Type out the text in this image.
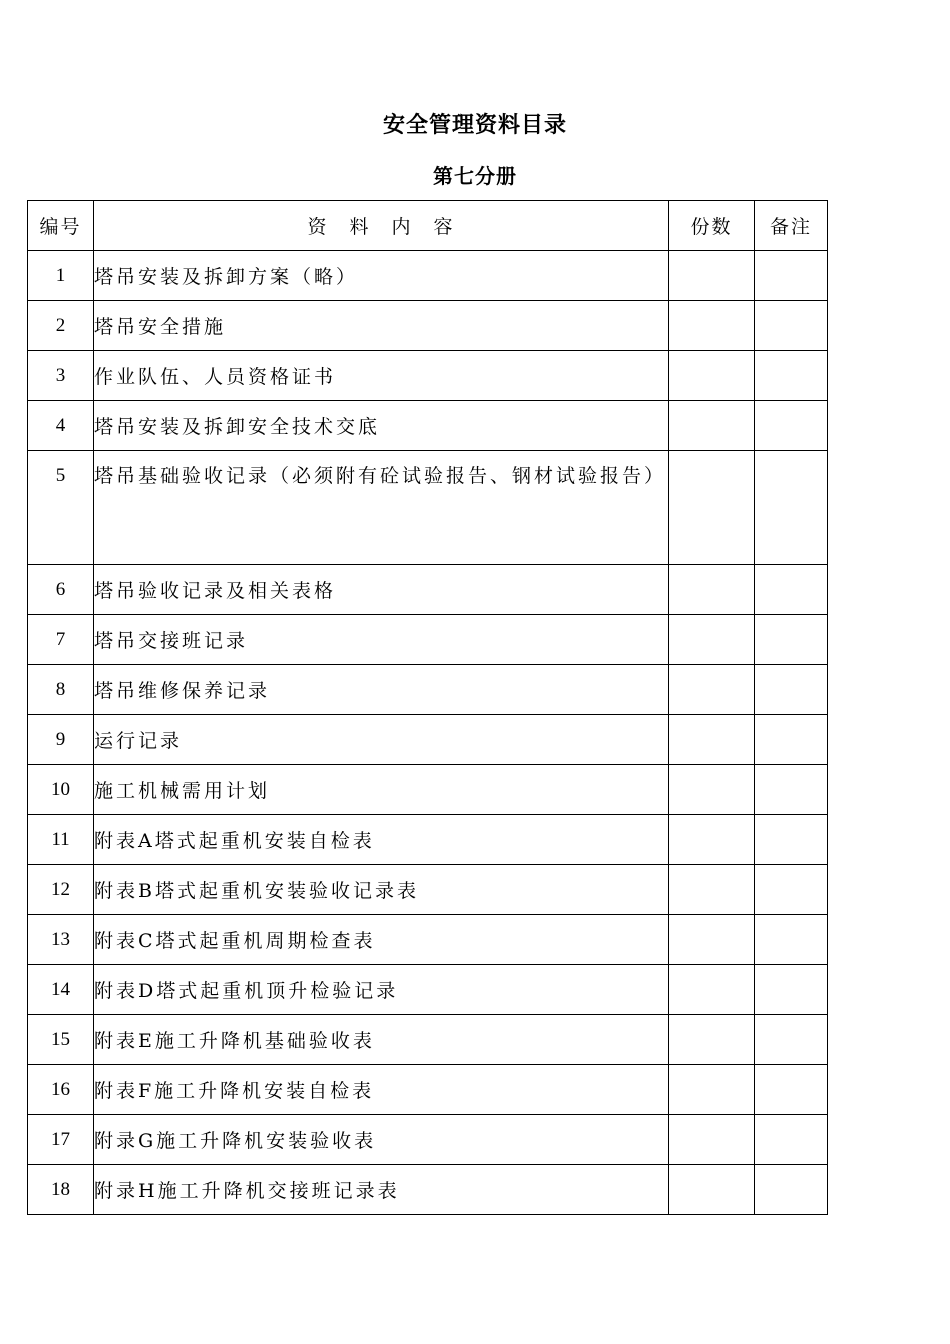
安全管理资料目录
第七分册
编号	资　料　内　容	份数	备注
1	塔吊安装及拆卸方案（略）		
2	塔吊安全措施		
3	作业队伍、人员资格证书		
4	塔吊安装及拆卸安全技术交底		
5	塔吊基础验收记录（必须附有砼试验报告、钢材试验报告）		
6	塔吊验收记录及相关表格		
7	塔吊交接班记录		
8	塔吊维修保养记录		
9	运行记录		
10	施工机械需用计划		
11	附表A塔式起重机安装自检表		
12	附表B塔式起重机安装验收记录表		
13	附表C塔式起重机周期检查表		
14	附表D塔式起重机顶升检验记录		
15	附表E施工升降机基础验收表		
16	附表F施工升降机安装自检表		
17	附录G施工升降机安装验收表		
18	附录H施工升降机交接班记录表		
